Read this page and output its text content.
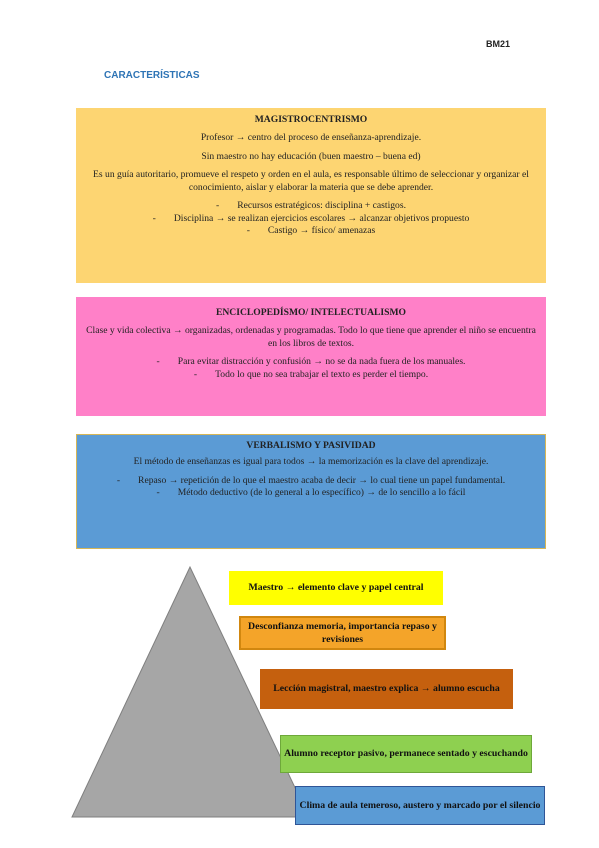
BM21
CARACTERÍSTICAS
MAGISTROCENTRISMO

Profesor → centro del proceso de enseñanza-aprendizaje.

Sin maestro no hay educación (buen maestro – buena ed)

Es un guía autoritario, promueve el respeto y orden en el aula, es responsable último de seleccionar y organizar el conocimiento, aislar y elaborar la materia que se debe aprender.

- Recursos estratégicos: disciplina + castigos.
- Disciplina → se realizan ejercicios escolares → alcanzar objetivos propuesto
- Castigo → físico/ amenazas
ENCICLOPEDÍSMO/ INTELECTUALISMO

Clase y vida colectiva → organizadas, ordenadas y programadas. Todo lo que tiene que aprender el niño se encuentra en los libros de textos.

- Para evitar distracción y confusión → no se da nada fuera de los manuales.
- Todo lo que no sea trabajar el texto es perder el tiempo.
VERBALISMO Y PASIVIDAD

El método de enseñanzas es igual para todos → la memorización es la clave del aprendizaje.

- Repaso → repetición de lo que el maestro acaba de decir → lo cual tiene un papel fundamental.
- Método deductivo (de lo general a lo específico) → de lo sencillo a lo fácil
Maestro → elemento clave y papel central
Desconfianza memoria, importancia repaso y revisiones
Lección magistral, maestro explica → alumno escucha
Alumno receptor pasivo, permanece sentado y escuchando
Clima de aula temeroso, austero y marcado por el silencio
